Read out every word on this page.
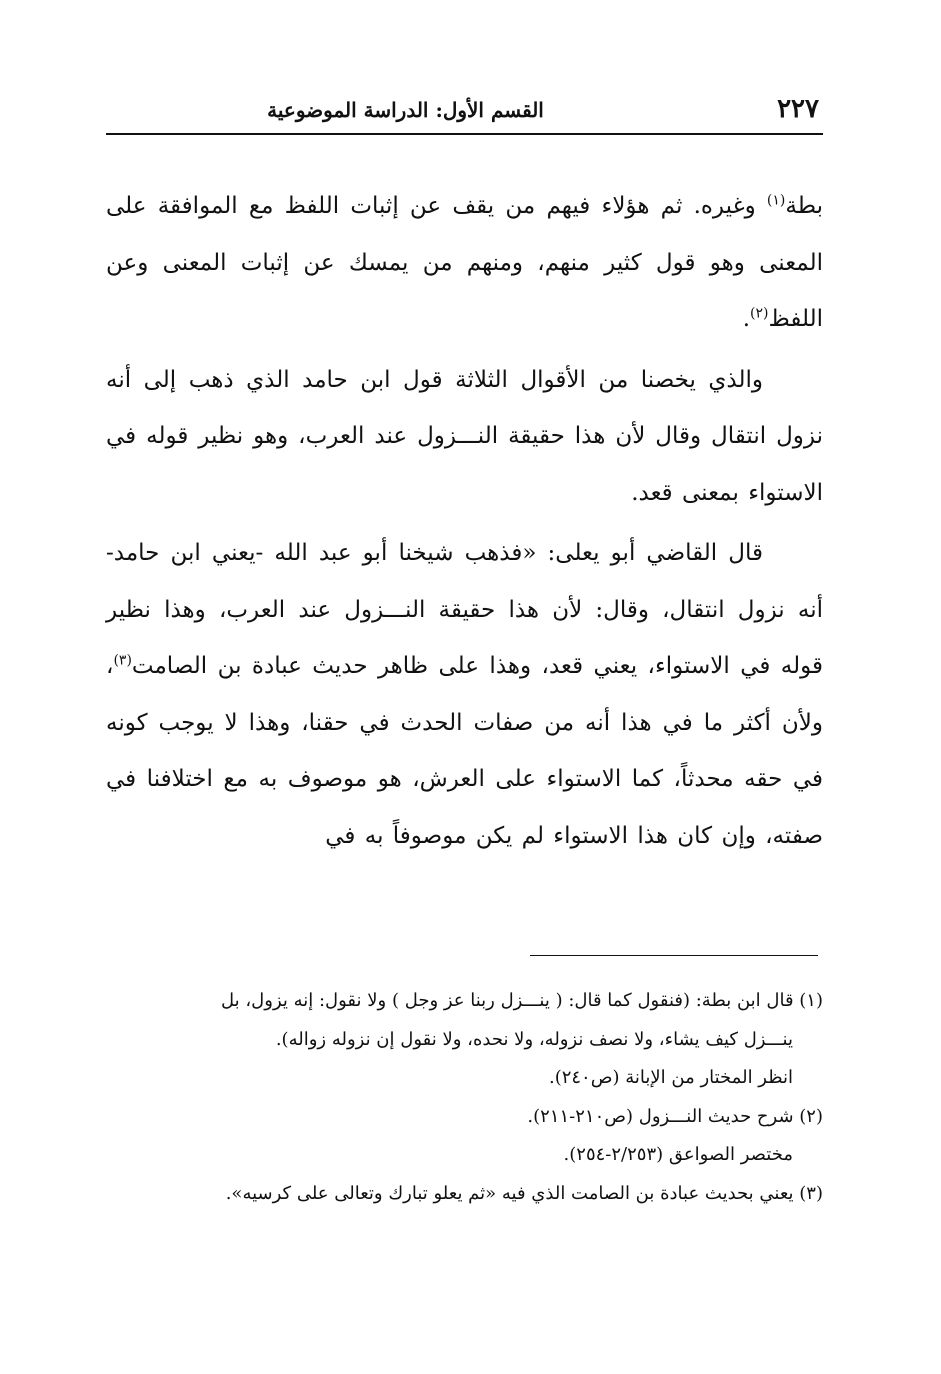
٢٢٧
القسم الأول: الدراسة الموضوعية

بطة$^{(١)}$ وغيره. ثم هؤلاء فيهم من يقف عن إثبات اللفظ مع الموافقة على المعنى وهو قول كثير منهم، ومنهم من يمسك عن إثبات المعنى وعن اللفظ$^{(٢)}$.

والذي يخصنا من الأقوال الثلاثة قول ابن حامد الذي ذهب إلى أنه نزول انتقال وقال لأن هذا حقيقة النـــزول عند العرب، وهو نظير قوله في الاستواء بمعنى قعد.

قال القاضي أبو يعلى: «فذهب شيخنا أبو عبد الله -يعني ابن حامد- أنه نزول انتقال، وقال: لأن هذا حقيقة النـــزول عند العرب، وهذا نظير قوله في الاستواء، يعني قعد، وهذا على ظاهر حديث عبادة بن الصامت$^{(٣)}$، ولأن أكثر ما في هذا أنه من صفات الحدث في حقنا، وهذا لا يوجب كونه في حقه محدثاً، كما الاستواء على العرش، هو موصوف به مع اختلافنا في صفته، وإن كان هذا الاستواء لم يكن موصوفاً به في

(١) قال ابن بطة: (فنقول كما قال: ( ينـــزل ربنا عز وجل ) ولا نقول: إنه يزول، بل
ينـــزل كيف يشاء، ولا نصف نزوله، ولا نحده، ولا نقول إن نزوله زواله).
انظر المختار من الإبانة (ص٢٤٠).
(٢) شرح حديث النـــزول (ص٢١٠-٢١١).
مختصر الصواعق (٢/٢٥٣-٢٥٤).
(٣) يعني بحديث عبادة بن الصامت الذي فيه «ثم يعلو تبارك وتعالى على كرسيه».
